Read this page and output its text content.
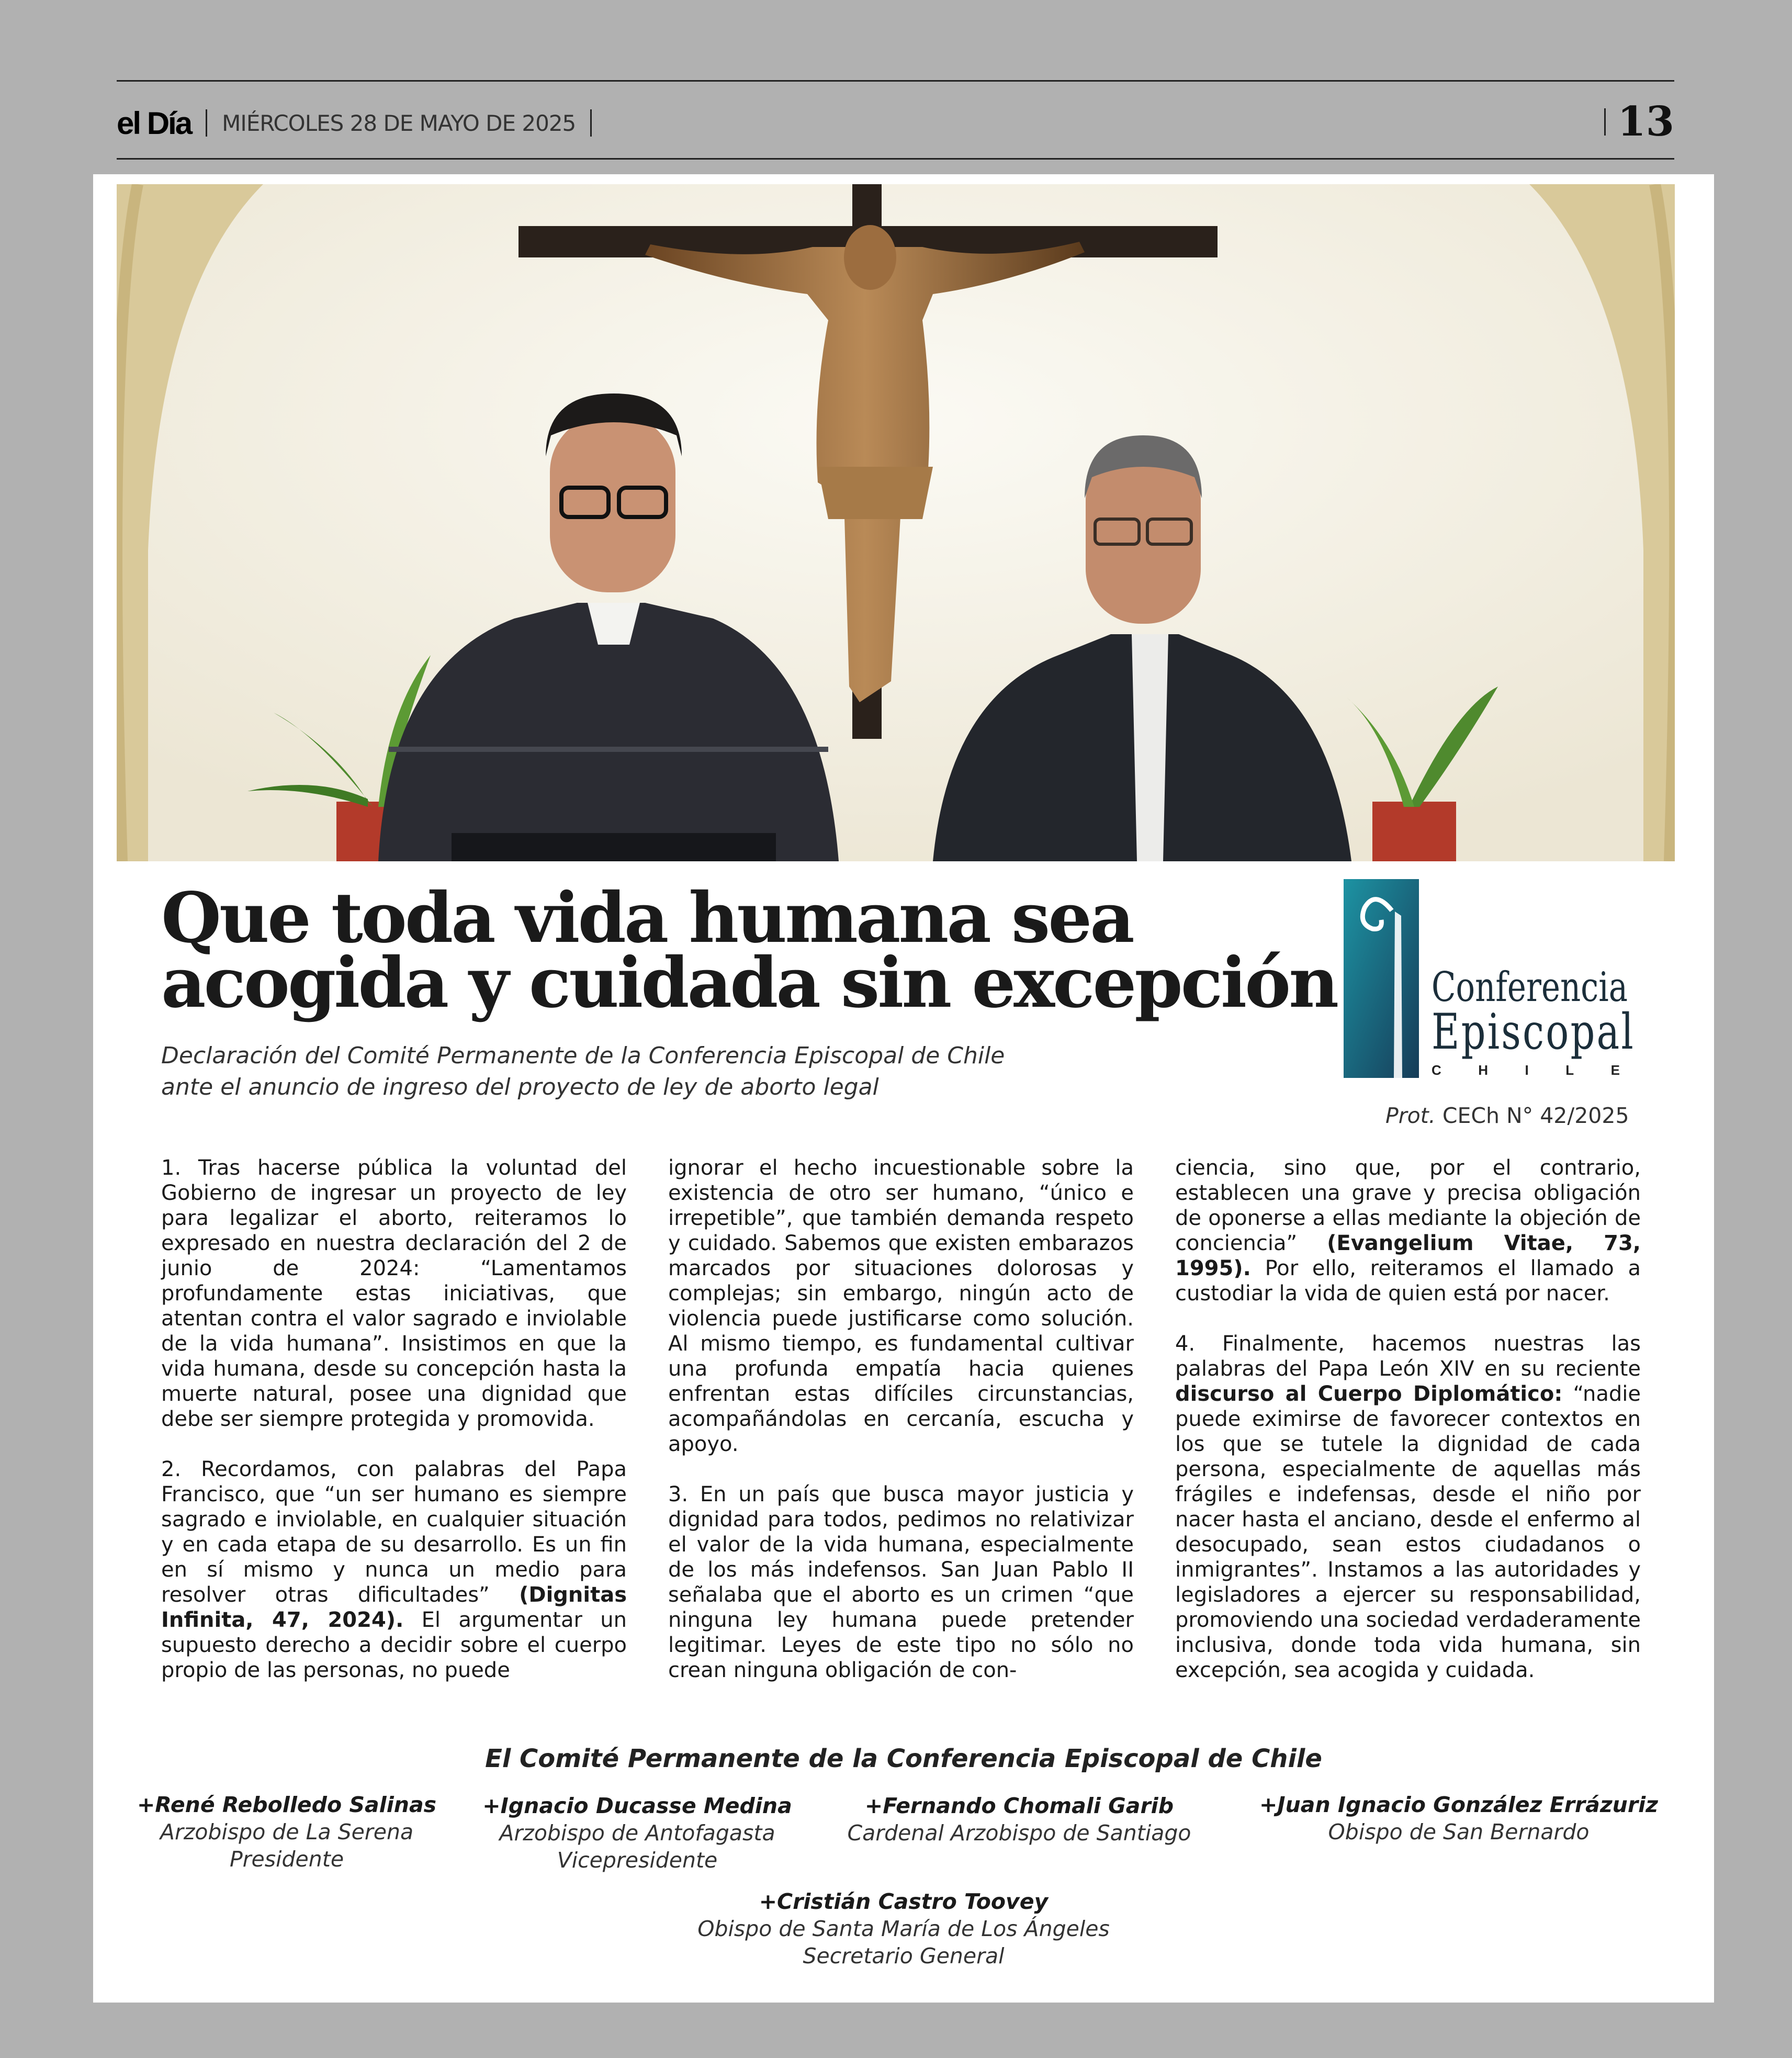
el Día MIÉRCOLES 28 DE MAYO DE 2025	13
Que toda vida humana sea
acogida y cuidada sin excepción
Declaración del Comité Permanente de la Conferencia Episcopal de Chile
ante el anuncio de ingreso del proyecto de ley de aborto legal
Conferencia
Episcopal
C	H	I	L	E
Prot. CECh N° 42/2025

1. Tras hacerse pública la voluntad del Gobierno de ingresar un proyecto de ley para legalizar el aborto, reiteramos lo expresado en nuestra declaración del 2 de junio de 2024: “Lamentamos profundamente estas iniciativas, que atentan contra el valor sagrado e inviolable de la vida humana”. Insistimos en que la vida humana, desde su concepción hasta la muerte natural, posee una dignidad que debe ser siempre protegida y promovida.

2. Recordamos, con palabras del Papa Francisco, que “un ser humano es siempre sagrado e inviolable, en cualquier situación y en cada etapa de su desarrollo. Es un fin en sí mismo y nunca un medio para resolver otras dificultades” (Dignitas Infinita, 47, 2024). El argumentar un supuesto derecho a decidir sobre el cuerpo propio de las personas, no puede

ignorar el hecho incuestionable sobre la existencia de otro ser humano, “único e irrepetible”, que también demanda respeto y cuidado. Sabemos que existen embarazos marcados por situaciones dolorosas y complejas; sin embargo, ningún acto de violencia puede justificarse como solución. Al mismo tiempo, es fundamental cultivar una profunda empatía hacia quienes enfrentan estas difíciles circunstancias, acompañándolas en cercanía, escucha y apoyo.

3. En un país que busca mayor justicia y dignidad para todos, pedimos no relativizar el valor de la vida humana, especialmente de los más indefensos. San Juan Pablo II señalaba que el aborto es un crimen “que ninguna ley humana puede pretender legitimar. Leyes de este tipo no sólo no crean ninguna obligación de con-

ciencia, sino que, por el contrario, establecen una grave y precisa obligación de oponerse a ellas mediante la objeción de conciencia” (Evangelium Vitae, 73, 1995). Por ello, reiteramos el llamado a custodiar la vida de quien está por nacer.

4. Finalmente, hacemos nuestras las palabras del Papa León XIV en su reciente discurso al Cuerpo Diplomático: “nadie puede eximirse de favorecer contextos en los que se tutele la dignidad de cada persona, especialmente de aquellas más frágiles e indefensas, desde el niño por nacer hasta el anciano, desde el enfermo al desocupado, sean estos ciudadanos o inmigrantes”. Instamos a las autoridades y legisladores a ejercer su responsabilidad, promoviendo una sociedad verdaderamente inclusiva, donde toda vida humana, sin excepción, sea acogida y cuidada.

El Comité Permanente de la Conferencia Episcopal de Chile
+René Rebolledo Salinas
Arzobispo de La Serena
Presidente
+Ignacio Ducasse Medina
Arzobispo de Antofagasta
Vicepresidente
+Fernando Chomali Garib
Cardenal Arzobispo de Santiago
+Juan Ignacio González Errázuriz
Obispo de San Bernardo
+Cristián Castro Toovey
Obispo de Santa María de Los Ángeles
Secretario General
